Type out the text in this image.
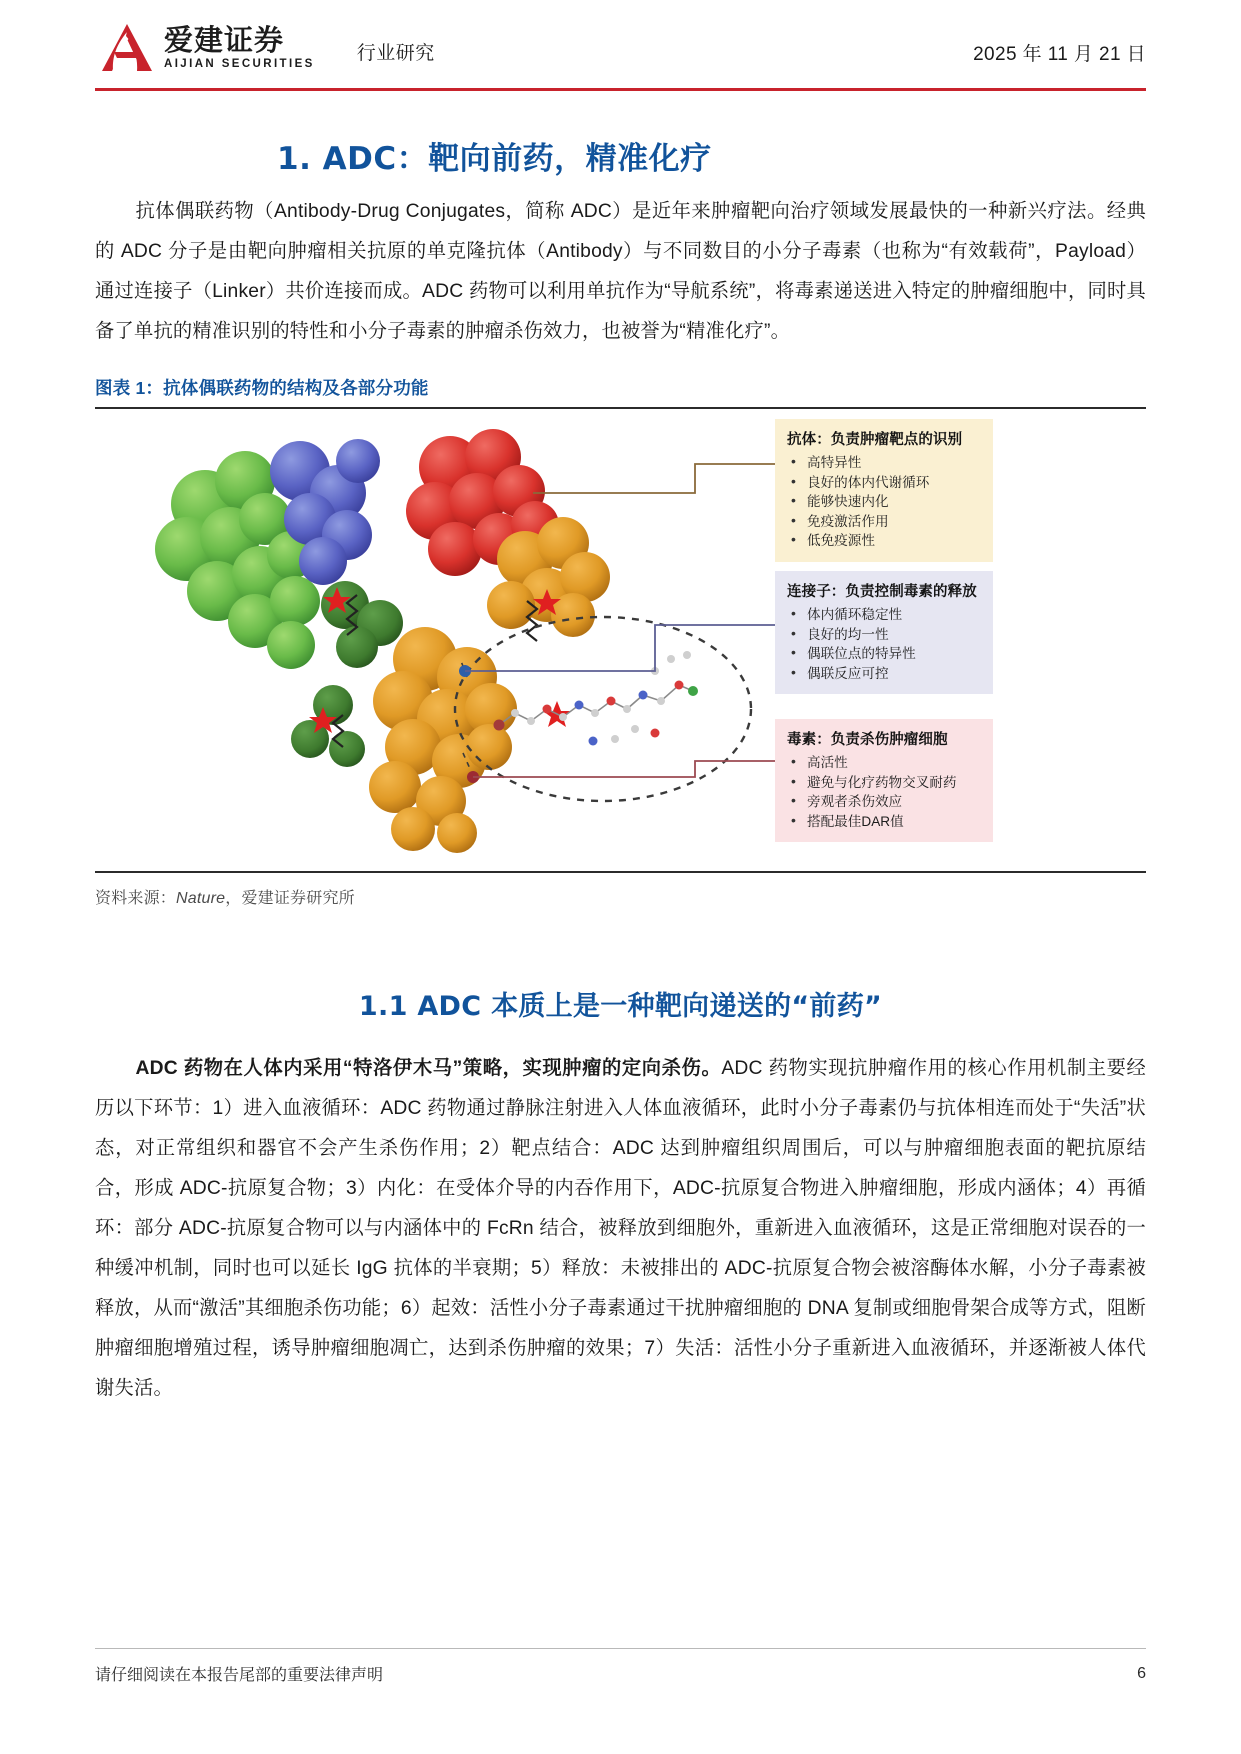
爱建证券
AIJIAN SECURITIES 行业研究	2025 年 11 月 21 日
1. ADC：靶向前药，精准化疗

抗体偶联药物（Antibody-Drug Conjugates，简称 ADC）是近年来肿瘤靶向治疗领域发展最快的一种新兴疗法。经典的 ADC 分子是由靶向肿瘤相关抗原的单克隆抗体（Antibody）与不同数目的小分子毒素（也称为“有效载荷”，Payload）通过连接子（Linker）共价连接而成。ADC 药物可以利用单抗作为“导航系统”，将毒素递送进入特定的肿瘤细胞中，同时具备了单抗的精准识别的特性和小分子毒素的肿瘤杀伤效力，也被誉为“精准化疗”。

图表 1：抗体偶联药物的结构及各部分功能
抗体：负责肿瘤靶点的识别
• 高特异性
• 良好的体内代谢循环
• 能够快速内化
• 免疫激活作用
• 低免疫源性
连接子：负责控制毒素的释放
• 体内循环稳定性
• 良好的均一性
• 偶联位点的特异性
• 偶联反应可控
毒素：负责杀伤肿瘤细胞
• 高活性
• 避免与化疗药物交叉耐药
• 旁观者杀伤效应
• 搭配最佳DAR值
资料来源：Nature，爱建证券研究所
1.1 ADC 本质上是一种靶向递送的“前药”

ADC 药物在人体内采用“特洛伊木马”策略，实现肿瘤的定向杀伤。ADC 药物实现抗肿瘤作用的核心作用机制主要经历以下环节：1）进入血液循环：ADC 药物通过静脉注射进入人体血液循环，此时小分子毒素仍与抗体相连而处于“失活”状态，对正常组织和器官不会产生杀伤作用；2）靶点结合：ADC 达到肿瘤组织周围后，可以与肿瘤细胞表面的靶抗原结合，形成 ADC-抗原复合物；3）内化：在受体介导的内吞作用下，ADC-抗原复合物进入肿瘤细胞，形成内涵体；4）再循环：部分 ADC-抗原复合物可以与内涵体中的 FcRn 结合，被释放到细胞外，重新进入血液循环，这是正常细胞对误吞的一种缓冲机制，同时也可以延长 IgG 抗体的半衰期；5）释放：未被排出的 ADC-抗原复合物会被溶酶体水解，小分子毒素被释放，从而“激活”其细胞杀伤功能；6）起效：活性小分子毒素通过干扰肿瘤细胞的 DNA 复制或细胞骨架合成等方式，阻断肿瘤细胞增殖过程，诱导肿瘤细胞凋亡，达到杀伤肿瘤的效果；7）失活：活性小分子重新进入血液循环，并逐渐被人体代谢失活。

请仔细阅读在本报告尾部的重要法律声明	6
